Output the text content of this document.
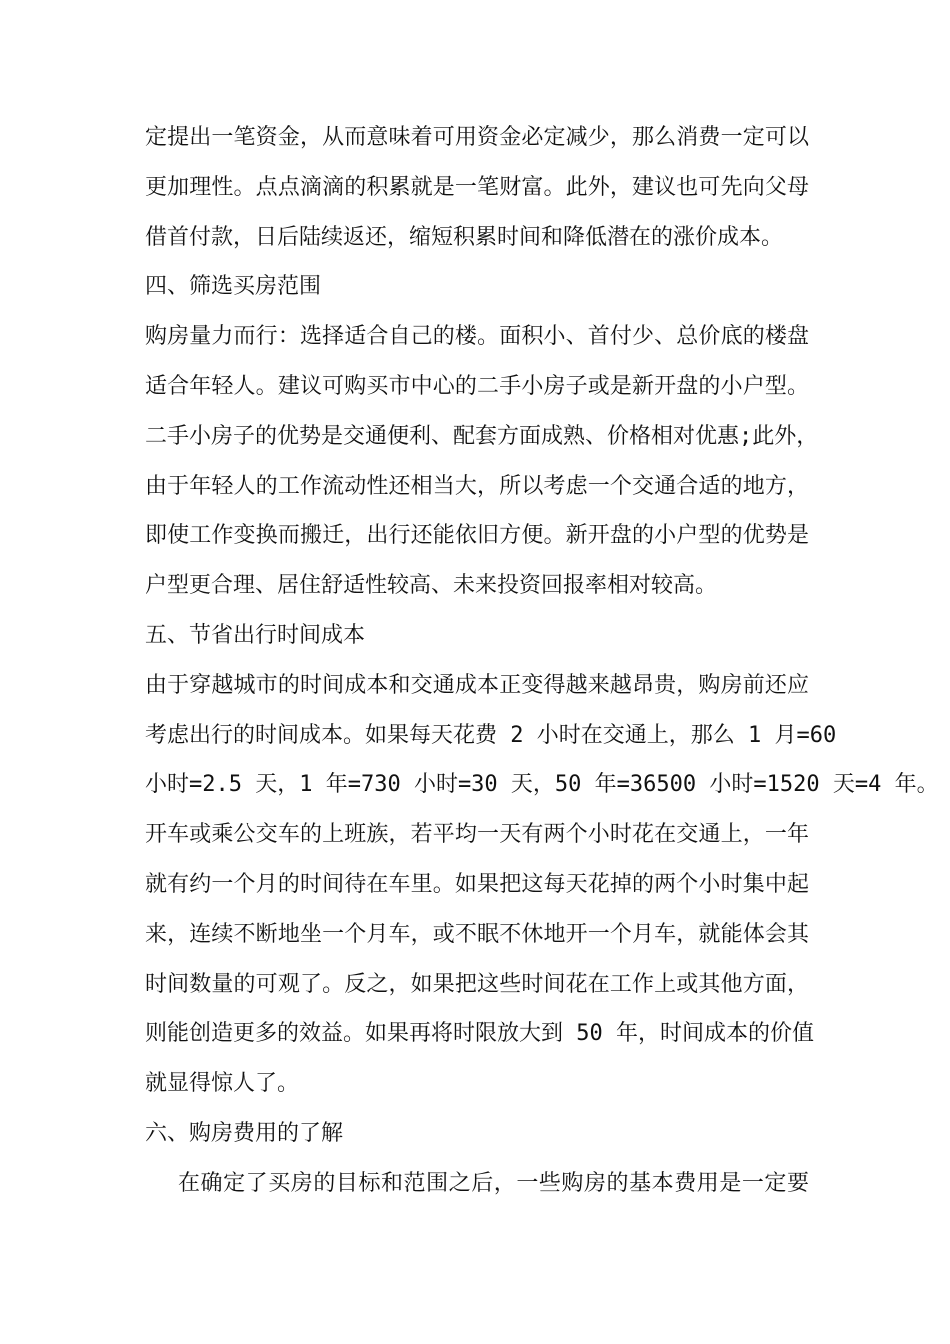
定提出一笔资金，从而意味着可用资金必定减少，那么消费一定可以
更加理性。点点滴滴的积累就是一笔财富。此外，建议也可先向父母
借首付款，日后陆续返还，缩短积累时间和降低潜在的涨价成本。
四、筛选买房范围
购房量力而行：选择适合自己的楼。面积小、首付少、总价底的楼盘
适合年轻人。建议可购买市中心的二手小房子或是新开盘的小户型。
二手小房子的优势是交通便利、配套方面成熟、价格相对优惠;此外，
由于年轻人的工作流动性还相当大，所以考虑一个交通合适的地方，
即使工作变换而搬迁，出行还能依旧方便。新开盘的小户型的优势是
户型更合理、居住舒适性较高、未来投资回报率相对较高。
五、节省出行时间成本
由于穿越城市的时间成本和交通成本正变得越来越昂贵，购房前还应
考虑出行的时间成本。如果每天花费 2 小时在交通上，那么 1 月=60
小时=2.5 天，1 年=730 小时=30 天，50 年=36500 小时=1520 天=4 年。
开车或乘公交车的上班族，若平均一天有两个小时花在交通上，一年
就有约一个月的时间待在车里。如果把这每天花掉的两个小时集中起
来，连续不断地坐一个月车，或不眠不休地开一个月车，就能体会其
时间数量的可观了。反之，如果把这些时间花在工作上或其他方面，
则能创造更多的效益。如果再将时限放大到 50 年，时间成本的价值
就显得惊人了。
六、购房费用的了解
在确定了买房的目标和范围之后，一些购房的基本费用是一定要
